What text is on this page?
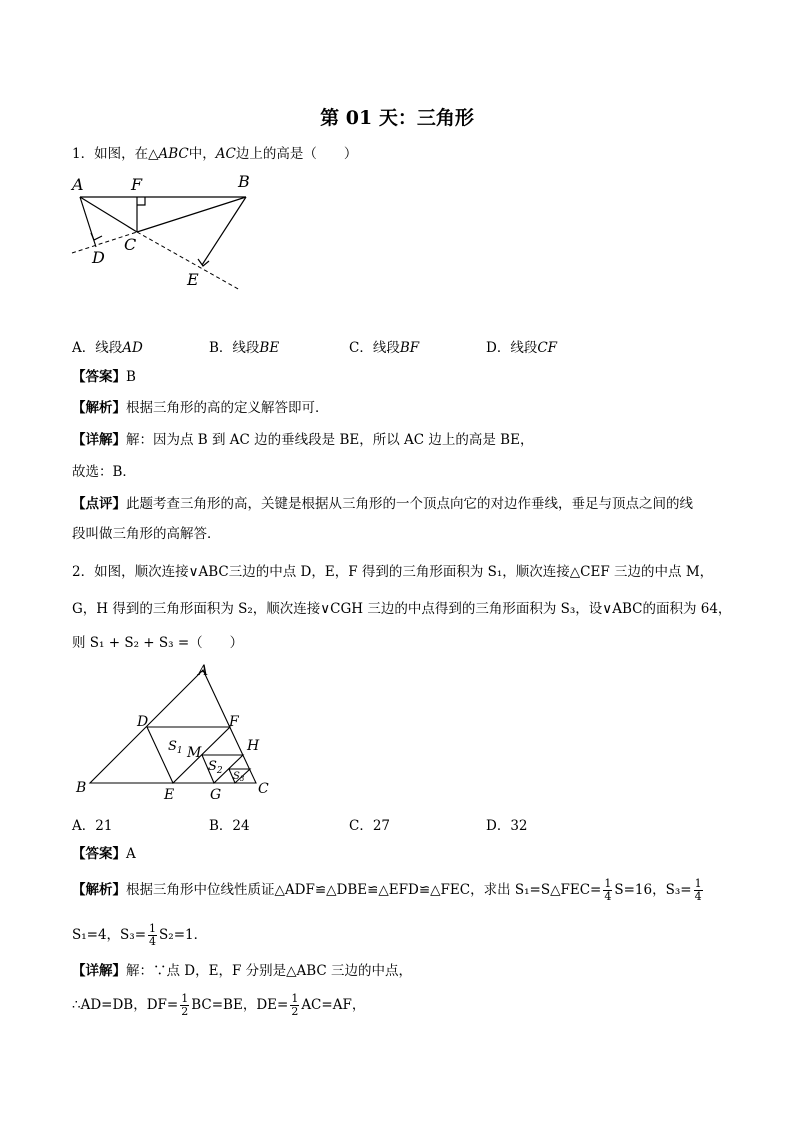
第 01 天：三角形
1．如图，在△ABC中，AC边上的高是（　　）
A	F	B
C
D
E
A．线段AD	B．线段BE	C．线段BF	D．线段CF
【答案】B
【解析】根据三角形的高的定义解答即可．
【详解】解：因为点 B 到 AC 边的垂线段是 BE，所以 AC 边上的高是 BE，
故选：B．
【点评】此题考查三角形的高，关键是根据从三角形的一个顶点向它的对边作垂线，垂足与顶点之间的线
段叫做三角形的高解答．
2．如图，顺次连接∨ABC三边的中点 D，E，F 得到的三角形面积为 S₁，顺次连接△CEF 三边的中点 M，
G，H 得到的三角形面积为 S₂，顺次连接∨CGH 三边的中点得到的三角形面积为 S₃，设∨ABC的面积为 64，
则 S₁ + S₂ + S₃ =（　　）
A
D	F
H
M
$S_1$
$S_2$ $S_3$
B	E	G	C
A．21	B．24	C．27	D．32
【答案】A
【解析】根据三角形中位线性质证△ADF≌△DBE≌△EFD≌△FEC，求出 S₁=S△FEC= $\frac{1}{4} S=16$，$S_3= \frac{1}{4}$
S₁=4，$S_3= \frac{1}{4} S_2=1$．
【详解】解：∵点 D，E，F 分别是△ABC 三边的中点，
∴AD=DB，$DF= \frac{1}{2} BC=BE$，$DE= \frac{1}{2} AC=AF$，
